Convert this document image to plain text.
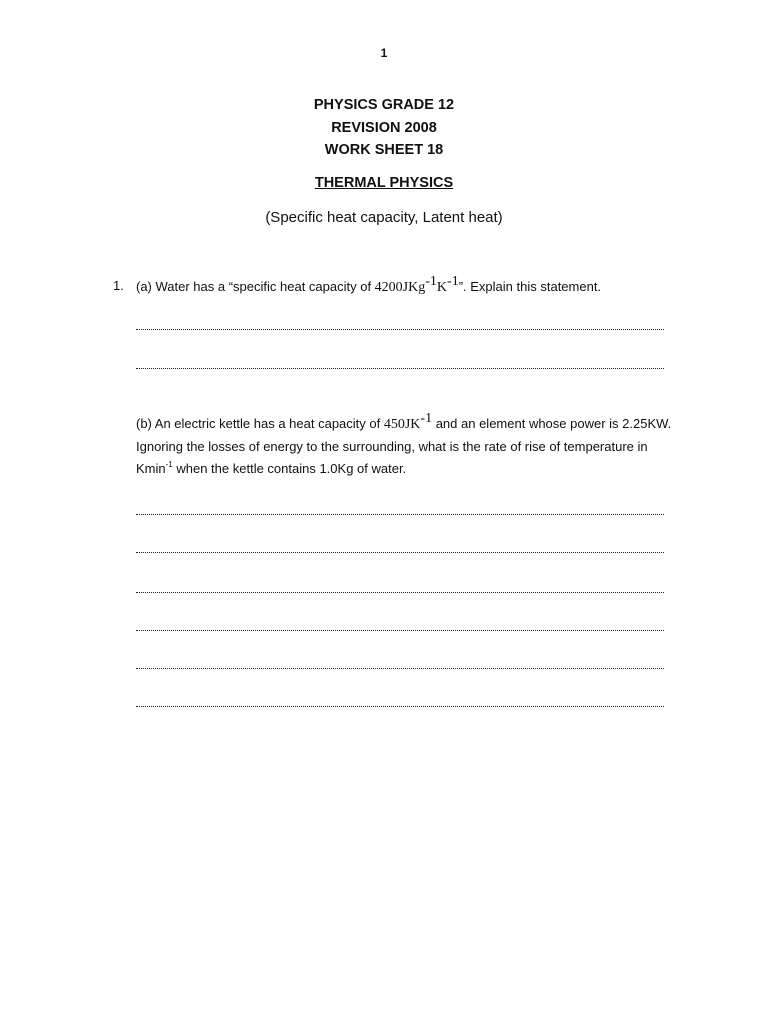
1
PHYSICS GRADE 12
REVISION 2008
WORK SHEET 18
THERMAL PHYSICS
(Specific heat capacity, Latent heat)
1. (a) Water has a “specific heat capacity of $4200JKg^{-1}K^{-1}$”. Explain this statement.
(b) An electric kettle has a heat capacity of $450JK^{-1}$ and an element whose power is 2.25KW. Ignoring the losses of energy to the surrounding, what is the rate of rise of temperature in Kmin$^{-1}$ when the kettle contains 1.0Kg of water.
